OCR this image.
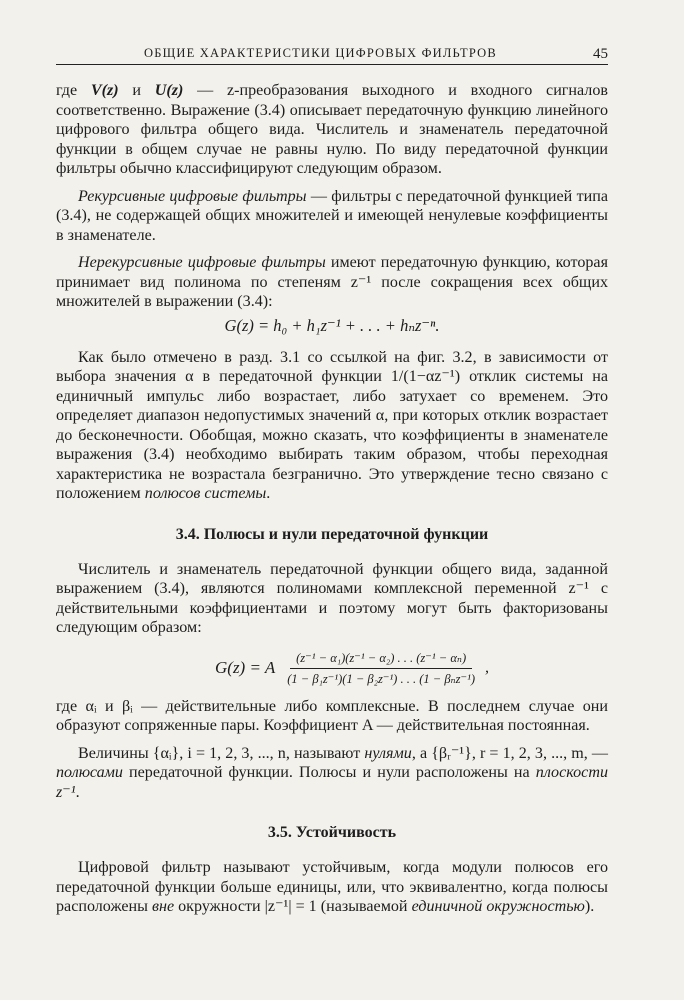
ОБЩИЕ ХАРАКТЕРИСТИКИ ЦИФРОВЫХ ФИЛЬТРОВ	45

где V(z) и U(z) — z-преобразования выходного и входного сигналов соответственно. Выражение (3.4) описывает передаточную функцию линейного цифрового фильтра общего вида. Числитель и знаменатель передаточной функции в общем случае не равны нулю. По виду передаточной функции фильтры обычно классифицируют следующим образом.

Рекурсивные цифровые фильтры — фильтры с передаточной функцией типа (3.4), не содержащей общих множителей и имеющей ненулевые коэффициенты в знаменателе.

Нерекурсивные цифровые фильтры имеют передаточную функцию, которая принимает вид полинома по степеням z⁻¹ после сокращения всех общих множителей в выражении (3.4):

G(z) = h₀ + h₁z⁻¹ + . . . + hₙz⁻ⁿ.

Как было отмечено в разд. 3.1 со ссылкой на фиг. 3.2, в зависимости от выбора значения α в передаточной функции 1/(1−αz⁻¹) отклик системы на единичный импульс либо возрастает, либо затухает со временем. Это определяет диапазон недопустимых значений α, при которых отклик возрастает до бесконечности. Обобщая, можно сказать, что коэффициенты в знаменателе выражения (3.4) необходимо выбирать таким образом, чтобы переходная характеристика не возрастала безгранично. Это утверждение тесно связано с положением полюсов системы.

3.4. Полюсы и нули передаточной функции

Числитель и знаменатель передаточной функции общего вида, заданной выражением (3.4), являются полиномами комплексной переменной z⁻¹ с действительными коэффициентами и поэтому могут быть факторизованы следующим образом:

G(z) = A $\frac{\text{(z⁻¹ − α₁)(z⁻¹ − α₂) . . . (z⁻¹ − αₙ)}}{\text{(1 − β₁z⁻¹)(1 − β₂z⁻¹) . . . (1 − βₙz⁻¹)}}$ ,

где αᵢ и βᵢ — действительные либо комплексные. В последнем случае они образуют сопряженные пары. Коэффициент A — действительная постоянная.

Величины {αᵢ}, i = 1, 2, 3, ..., n, называют нулями, а {βᵣ⁻¹}, r = 1, 2, 3, ..., m, — полюсами передаточной функции. Полюсы и нули расположены на плоскости z⁻¹.

3.5. Устойчивость

Цифровой фильтр называют устойчивым, когда модули полюсов его передаточной функции больше единицы, или, что эквивалентно, когда полюсы расположены вне окружности |z⁻¹| = 1 (называемой единичной окружностью).
